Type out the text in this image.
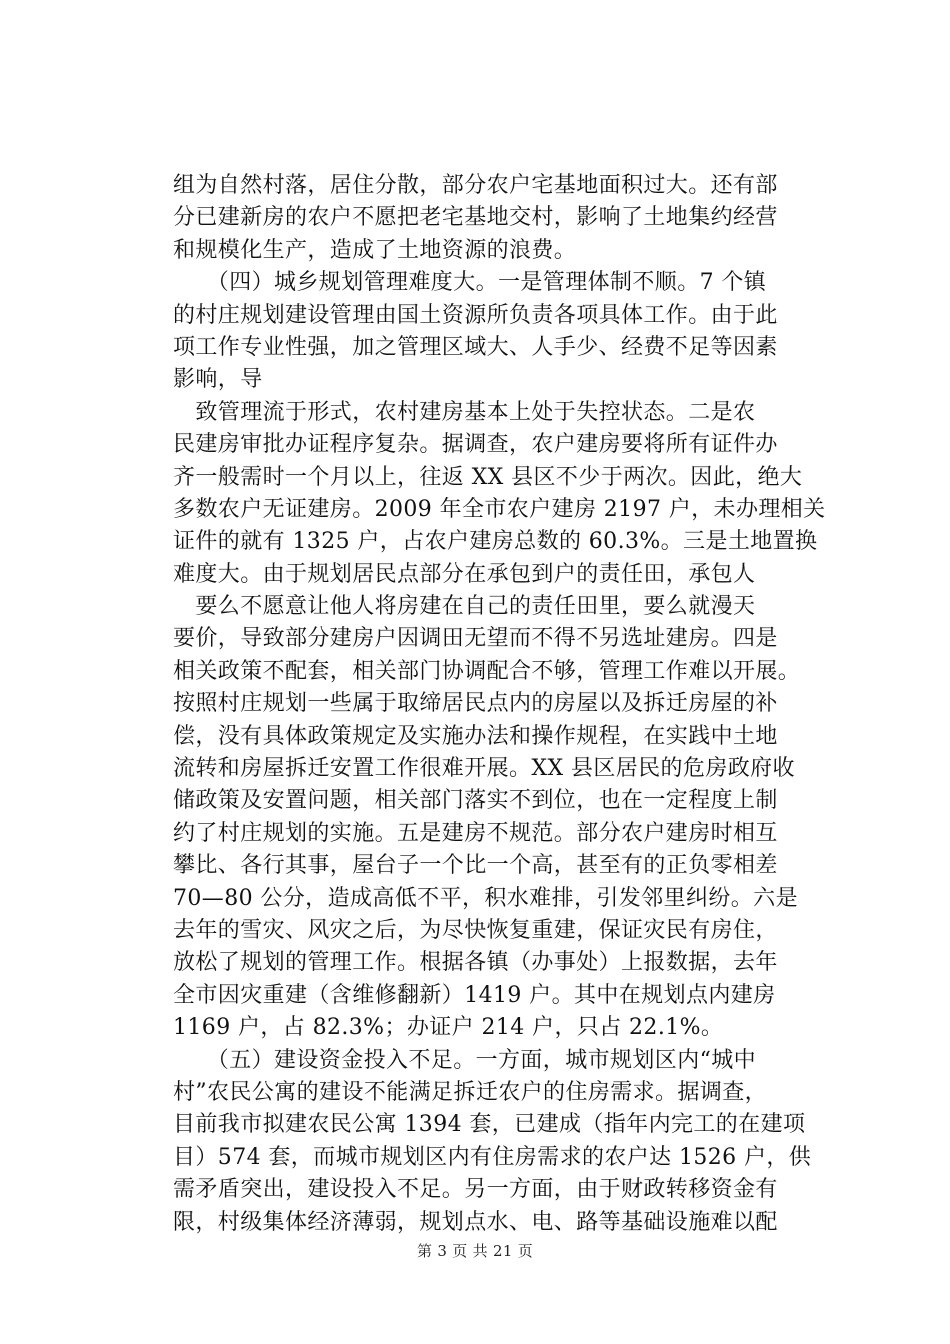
组为自然村落，居住分散，部分农户宅基地面积过大。还有部
分已建新房的农户不愿把老宅基地交村，影响了土地集约经营
和规模化生产，造成了土地资源的浪费。
　　（四）城乡规划管理难度大。一是管理体制不顺。7 个镇
的村庄规划建设管理由国土资源所负责各项具体工作。由于此
项工作专业性强，加之管理区域大、人手少、经费不足等因素
影响，导
　致管理流于形式，农村建房基本上处于失控状态。二是农
民建房审批办证程序复杂。据调查，农户建房要将所有证件办
齐一般需时一个月以上，往返 XX 县区不少于两次。因此，绝大
多数农户无证建房。2009 年全市农户建房 2197 户，未办理相关
证件的就有 1325 户，占农户建房总数的 60.3%。三是土地置换
难度大。由于规划居民点部分在承包到户的责任田，承包人
　要么不愿意让他人将房建在自己的责任田里，要么就漫天
要价，导致部分建房户因调田无望而不得不另选址建房。四是
相关政策不配套，相关部门协调配合不够，管理工作难以开展。
按照村庄规划一些属于取缔居民点内的房屋以及拆迁房屋的补
偿，没有具体政策规定及实施办法和操作规程，在实践中土地
流转和房屋拆迁安置工作很难开展。XX 县区居民的危房政府收
储政策及安置问题，相关部门落实不到位，也在一定程度上制
约了村庄规划的实施。五是建房不规范。部分农户建房时相互
攀比、各行其事，屋台子一个比一个高，甚至有的正负零相差
70—80 公分，造成高低不平，积水难排，引发邻里纠纷。六是
去年的雪灾、风灾之后，为尽快恢复重建，保证灾民有房住，
放松了规划的管理工作。根据各镇（办事处）上报数据，去年
全市因灾重建（含维修翻新）1419 户。其中在规划点内建房
1169 户，占 82.3%；办证户 214 户，只占 22.1%。
　　（五）建设资金投入不足。一方面，城市规划区内“城中
村”农民公寓的建设不能满足拆迁农户的住房需求。据调查，
目前我市拟建农民公寓 1394 套，已建成（指年内完工的在建项
目）574 套，而城市规划区内有住房需求的农户达 1526 户，供
需矛盾突出，建设投入不足。另一方面，由于财政转移资金有
限，村级集体经济薄弱，规划点水、电、路等基础设施难以配
第 3 页 共 21 页
